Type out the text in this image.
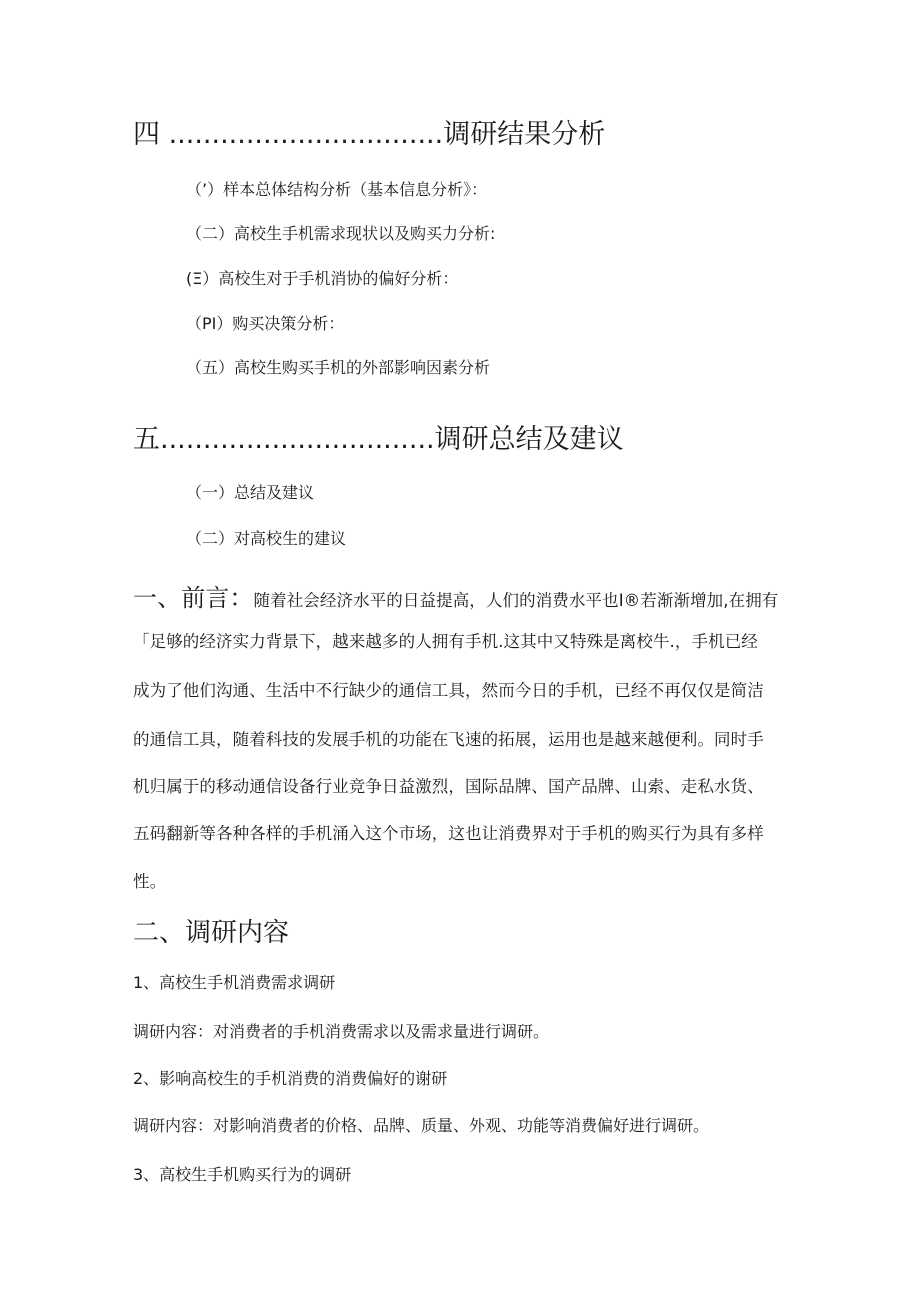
四 ................................调研结果分析
（’）样本总体结构分析（基本信息分析》：
（二）高校生手机需求现状以及购买力分析:
(Ξ）高校生对于手机消协的偏好分析：
（PI）购买决策分析：
（五）高校生购买手机的外部影响因素分析
五................................调研总结及建议
（一）总结及建议
（二）对高校生的建议
一、前言：随着社会经济水平的日益提高，人们的消费水平也I®若渐渐增加,在拥有
「足够的经济实力背景下，越来越多的人拥有手机.这其中又特殊是离校牛.，手机已经
成为了他们沟通、生活中不行缺少的通信工具，然而今日的手机，已经不再仅仅是简洁
的通信工具，随着科技的发展手机的功能在飞速的拓展，运用也是越来越便利。同时手
机归属于的移动通信设备行业竞争日益激烈，国际品牌、国产品牌、山索、走私水货、
五码翻新等各种各样的手机涌入这个市场，这也让消费界对于手机的购买行为具有多样
性。
二、调研内容
1、高校生手机消费需求调研
调研内容：对消费者的手机消费需求以及需求量进行调研。
2、影响高校生的手机消费的消费偏好的谢研
调研内容：对影响消费者的价格、品牌、质量、外观、功能等消费偏好进行调研。
3、高校生手机购买行为的调研
